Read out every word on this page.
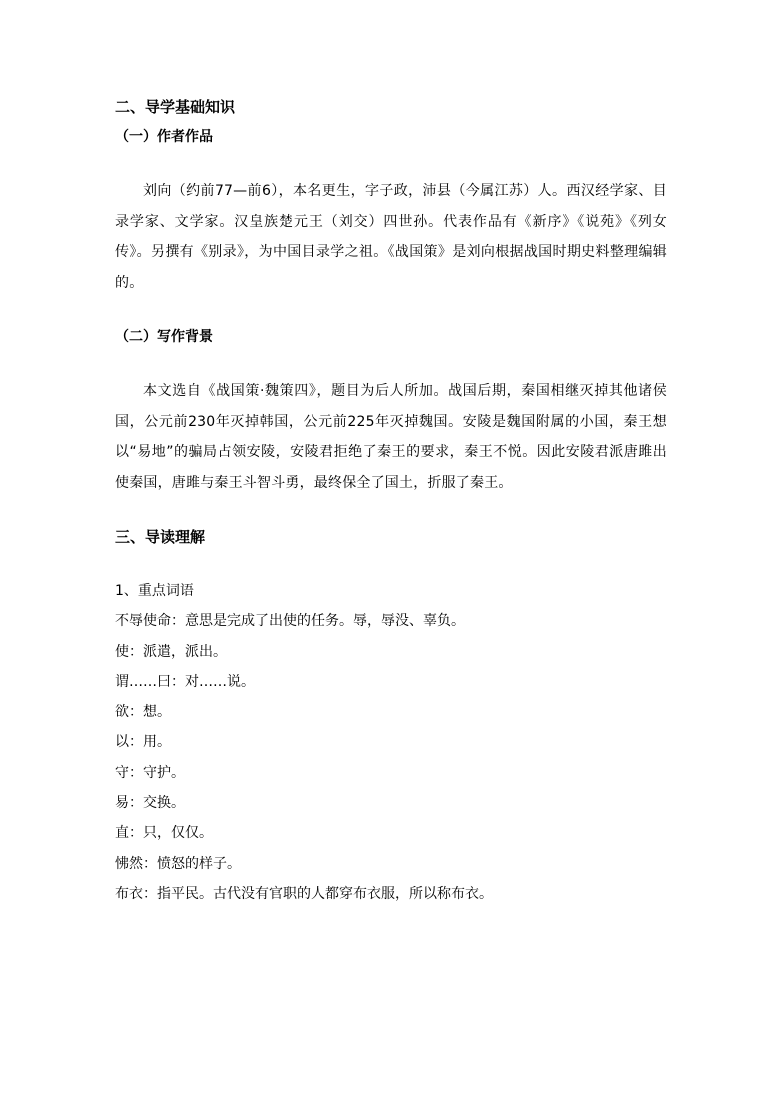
二、导学基础知识
（一）作者作品

刘向（约前77—前6），本名更生，字子政，沛县（今属江苏）人。西汉经学家、目录学家、文学家。汉皇族楚元王（刘交）四世孙。代表作品有《新序》《说苑》《列女传》。另撰有《别录》，为中国目录学之祖。《战国策》是刘向根据战国时期史料整理编辑的。

（二）写作背景

本文选自《战国策·魏策四》，题目为后人所加。战国后期，秦国相继灭掉其他诸侯国，公元前230年灭掉韩国，公元前225年灭掉魏国。安陵是魏国附属的小国，秦王想以“易地”的骗局占领安陵，安陵君拒绝了秦王的要求，秦王不悦。因此安陵君派唐雎出使秦国，唐雎与秦王斗智斗勇，最终保全了国土，折服了秦王。

三、导读理解
1、重点词语
不辱使命：意思是完成了出使的任务。辱，辱没、辜负。
使：派遣，派出。
谓……曰：对……说。
欲：想。
以：用。
守：守护。
易：交换。
直：只，仅仅。
怫然：愤怒的样子。
布衣：指平民。古代没有官职的人都穿布衣服，所以称布衣。
